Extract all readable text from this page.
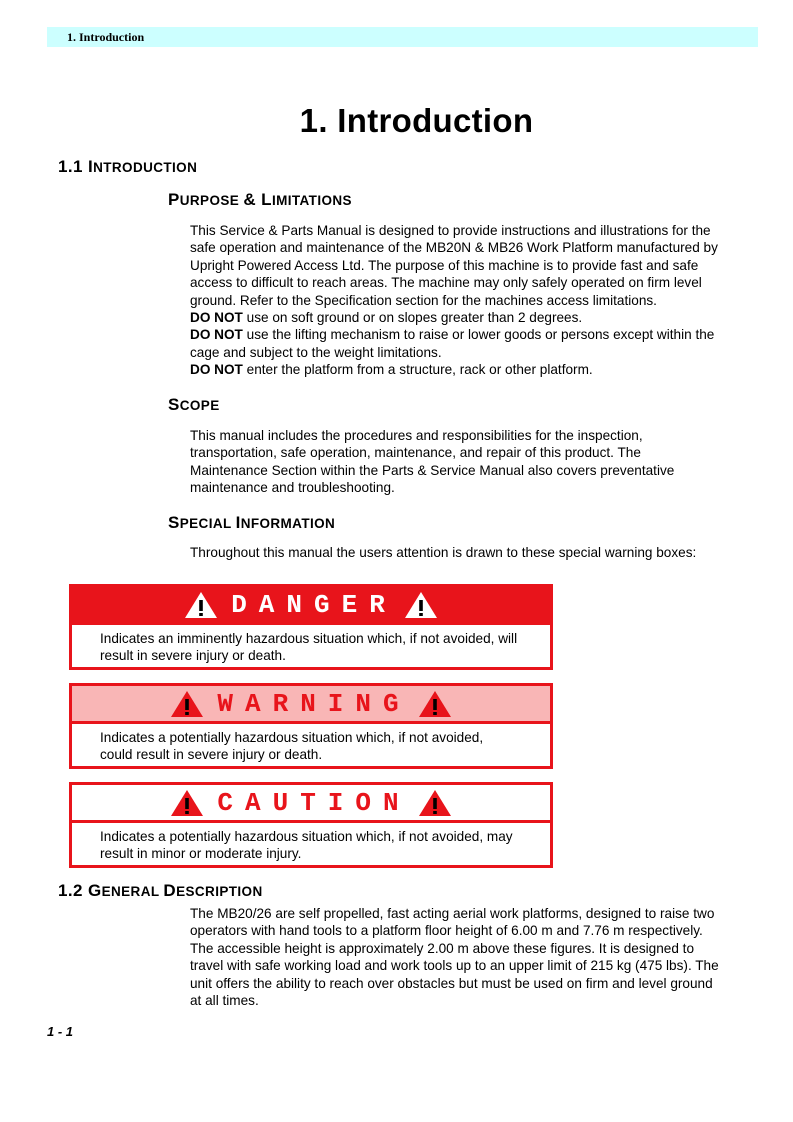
1. Introduction
1. Introduction
1.1 INTRODUCTION
PURPOSE & LIMITATIONS

This Service & Parts Manual is designed to provide instructions and illustrations for the

safe operation and maintenance of the MB20N & MB26 Work Platform manufactured by

Upright Powered Access Ltd. The purpose of this machine is to provide fast and safe

access to difficult to reach areas. The machine may only safely operated on firm level

ground. Refer to the Specification section for the machines access limitations.

DO NOT use on soft ground or on slopes greater than 2 degrees.

DO NOT use the lifting mechanism to raise or lower goods or persons except within the

cage and subject to the weight limitations.

DO NOT enter the platform from a structure, rack or other platform.

SCOPE

This manual includes the procedures and responsibilities for the inspection,

transportation, safe operation, maintenance, and repair of this product. The

Maintenance Section within the Parts & Service Manual also covers preventative

maintenance and troubleshooting.

SPECIAL INFORMATION

Throughout this manual the users attention is drawn to these special warning boxes:

DANGER
Indicates an imminently hazardous situation which, if not avoided, will
result in severe injury or death.
WARNING
Indicates a potentially hazardous situation which, if not avoided,
could result in severe injury or death.
CAUTION
Indicates a potentially hazardous situation which, if not avoided, may
result in minor or moderate injury.
1.2 GENERAL DESCRIPTION

The MB20/26 are self propelled, fast acting aerial work platforms, designed to raise two

operators with hand tools to a platform floor height of 6.00 m and 7.76 m respectively.

The accessible height is approximately 2.00 m above these figures. It is designed to

travel with safe working load and work tools up to an upper limit of 215 kg (475 lbs). The

unit offers the ability to reach over obstacles but must be used on firm and level ground

at all times.

1 - 1
